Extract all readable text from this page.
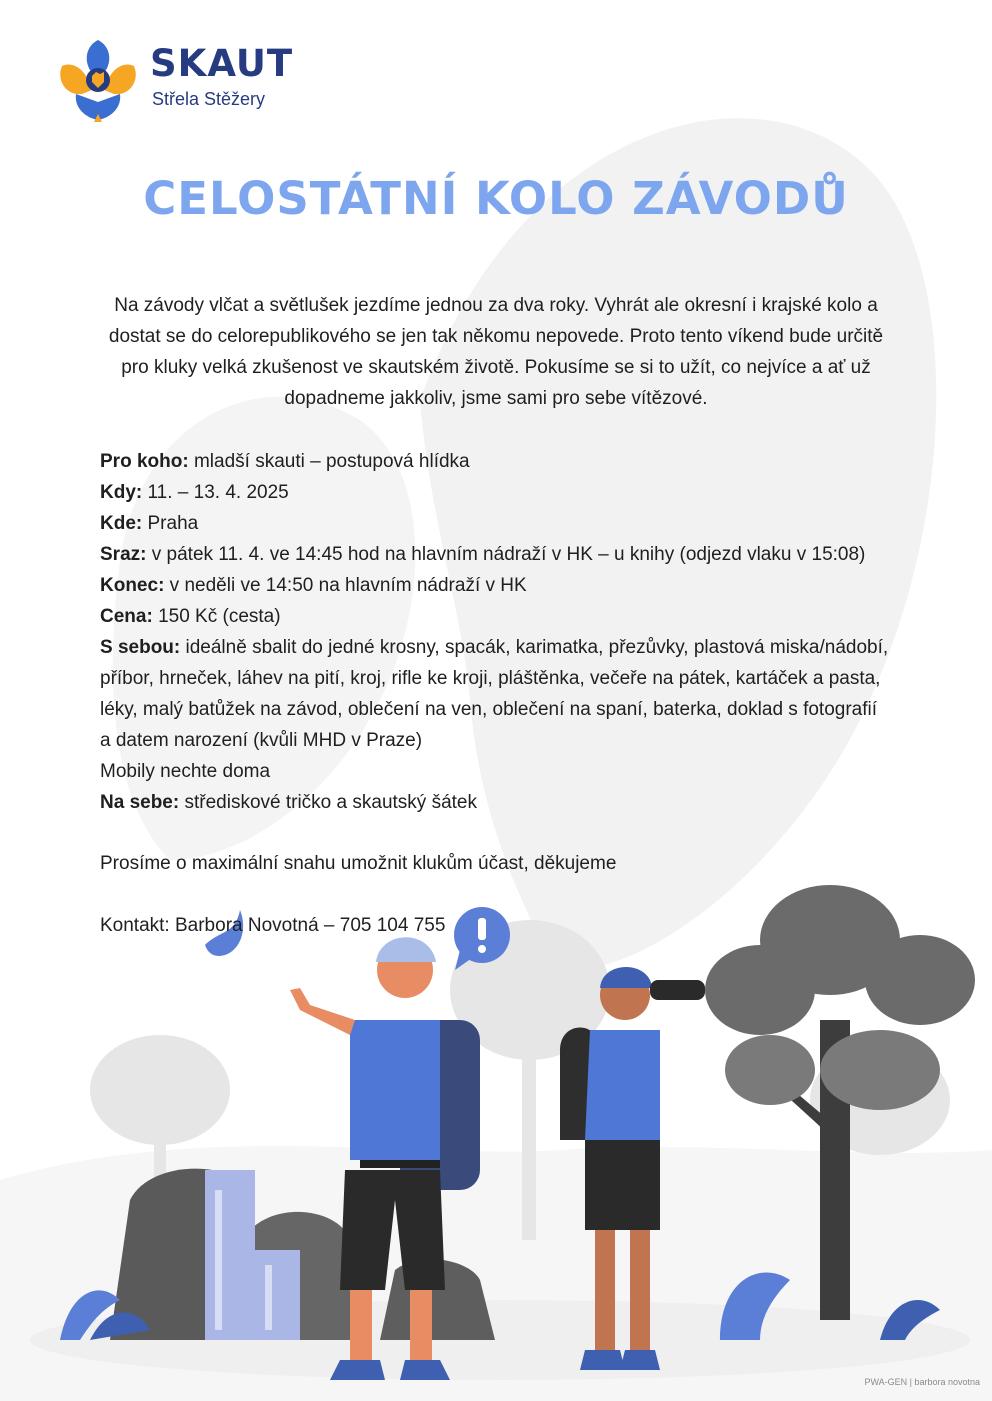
SKAUT
Střela Stěžery
CELOSTÁTNÍ KOLO ZÁVODŮ

Na závody vlčat a světlušek jezdíme jednou za dva roky. Vyhrát ale okresní i krajské kolo a dostat se do celorepublikového se jen tak někomu nepovede. Proto tento víkend bude určitě pro kluky velká zkušenost ve skautském životě. Pokusíme se si to užít, co nejvíce a ať už dopadneme jakkoliv, jsme sami pro sebe vítězové.

Pro koho: mladší skauti – postupová hlídka

Kdy: 11. – 13. 4. 2025

Kde: Praha

Sraz: v pátek 11. 4. ve 14:45 hod na hlavním nádraží v HK – u knihy (odjezd vlaku v 15:08)

Konec: v neděli ve 14:50 na hlavním nádraží v HK

Cena: 150 Kč (cesta)

S sebou: ideálně sbalit do jedné krosny, spacák, karimatka, přezůvky, plastová miska/nádobí, příbor, hrneček, láhev na pití, kroj, rifle ke kroji, pláštěnka, večeře na pátek, kartáček a pasta, léky, malý batůžek na závod, oblečení na ven, oblečení na spaní, baterka, doklad s fotografií a datem narození (kvůli MHD v Praze)

Mobily nechte doma

Na sebe: střediskové tričko a skautský šátek

Prosíme o maximální snahu umožnit klukům účast, děkujeme

Kontakt: Barbora Novotná – 705 104 755

PWA-GEN | barbora novotna
